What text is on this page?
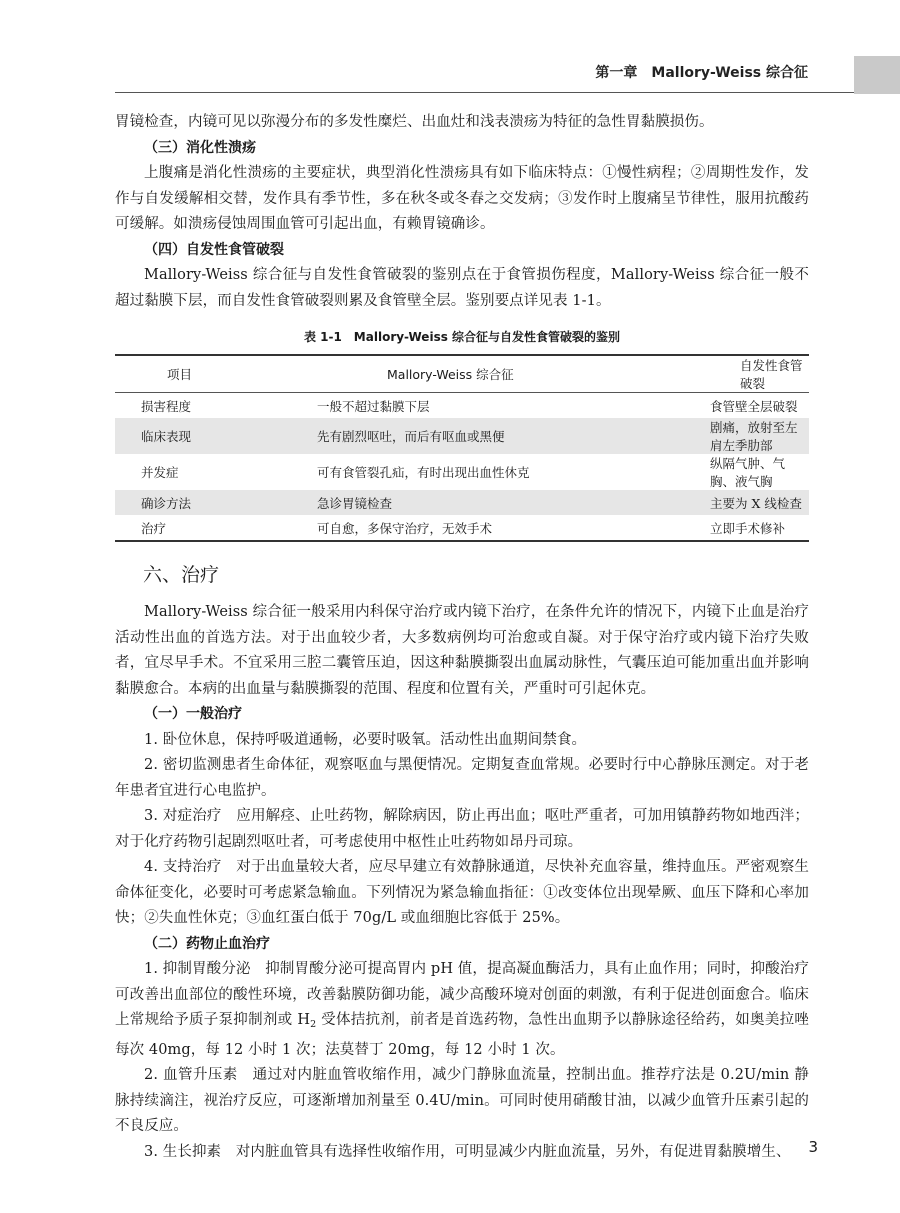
第一章　Mallory-Weiss 综合征

胃镜检查，内镜可见以弥漫分布的多发性糜烂、出血灶和浅表溃疡为特征的急性胃黏膜损伤。

（三）消化性溃疡

上腹痛是消化性溃疡的主要症状，典型消化性溃疡具有如下临床特点：①慢性病程；②周期性发作，发作与自发缓解相交替，发作具有季节性，多在秋冬或冬春之交发病；③发作时上腹痛呈节律性，服用抗酸药可缓解。如溃疡侵蚀周围血管可引起出血，有赖胃镜确诊。

（四）自发性食管破裂

Mallory-Weiss 综合征与自发性食管破裂的鉴别点在于食管损伤程度，Mallory-Weiss 综合征一般不超过黏膜下层，而自发性食管破裂则累及食管壁全层。鉴别要点详见表 1-1。

表 1-1　Mallory-Weiss 综合征与自发性食管破裂的鉴别
项目	Mallory-Weiss 综合征	自发性食管破裂
损害程度	一般不超过黏膜下层	食管壁全层破裂
临床表现	先有剧烈呕吐，而后有呕血或黑便	剧痛，放射至左肩左季肋部
并发症	可有食管裂孔疝，有时出现出血性休克	纵隔气肿、气胸、液气胸
确诊方法	急诊胃镜检查	主要为 X 线检查
治疗	可自愈，多保守治疗，无效手术	立即手术修补
六、治疗

Mallory-Weiss 综合征一般采用内科保守治疗或内镜下治疗，在条件允许的情况下，内镜下止血是治疗活动性出血的首选方法。对于出血较少者，大多数病例均可治愈或自凝。对于保守治疗或内镜下治疗失败者，宜尽早手术。不宜采用三腔二囊管压迫，因这种黏膜撕裂出血属动脉性，气囊压迫可能加重出血并影响黏膜愈合。本病的出血量与黏膜撕裂的范围、程度和位置有关，严重时可引起休克。

（一）一般治疗

1. 卧位休息，保持呼吸道通畅，必要时吸氧。活动性出血期间禁食。

2. 密切监测患者生命体征，观察呕血与黑便情况。定期复查血常规。必要时行中心静脉压测定。对于老年患者宜进行心电监护。

3. 对症治疗　应用解痉、止吐药物，解除病因，防止再出血；呕吐严重者，可加用镇静药物如地西泮；对于化疗药物引起剧烈呕吐者，可考虑使用中枢性止吐药物如昂丹司琼。

4. 支持治疗　对于出血量较大者，应尽早建立有效静脉通道，尽快补充血容量，维持血压。严密观察生命体征变化，必要时可考虑紧急输血。下列情况为紧急输血指征：①改变体位出现晕厥、血压下降和心率加快；②失血性休克；③血红蛋白低于 70g/L 或血细胞比容低于 25%。

（二）药物止血治疗

1. 抑制胃酸分泌　抑制胃酸分泌可提高胃内 pH 值，提高凝血酶活力，具有止血作用；同时，抑酸治疗可改善出血部位的酸性环境，改善黏膜防御功能，减少高酸环境对创面的刺激，有利于促进创面愈合。临床上常规给予质子泵抑制剂或 $H_2$ 受体拮抗剂，前者是首选药物，急性出血期予以静脉途径给药，如奥美拉唑每次 40mg，每 12 小时 1 次；法莫替丁 20mg，每 12 小时 1 次。

2. 血管升压素　通过对内脏血管收缩作用，减少门静脉血流量，控制出血。推荐疗法是 0.2U/min 静脉持续滴注，视治疗反应，可逐渐增加剂量至 0.4U/min。可同时使用硝酸甘油，以减少血管升压素引起的不良反应。

3. 生长抑素　对内脏血管具有选择性收缩作用，可明显减少内脏血流量，另外，有促进胃黏膜增生、	3
